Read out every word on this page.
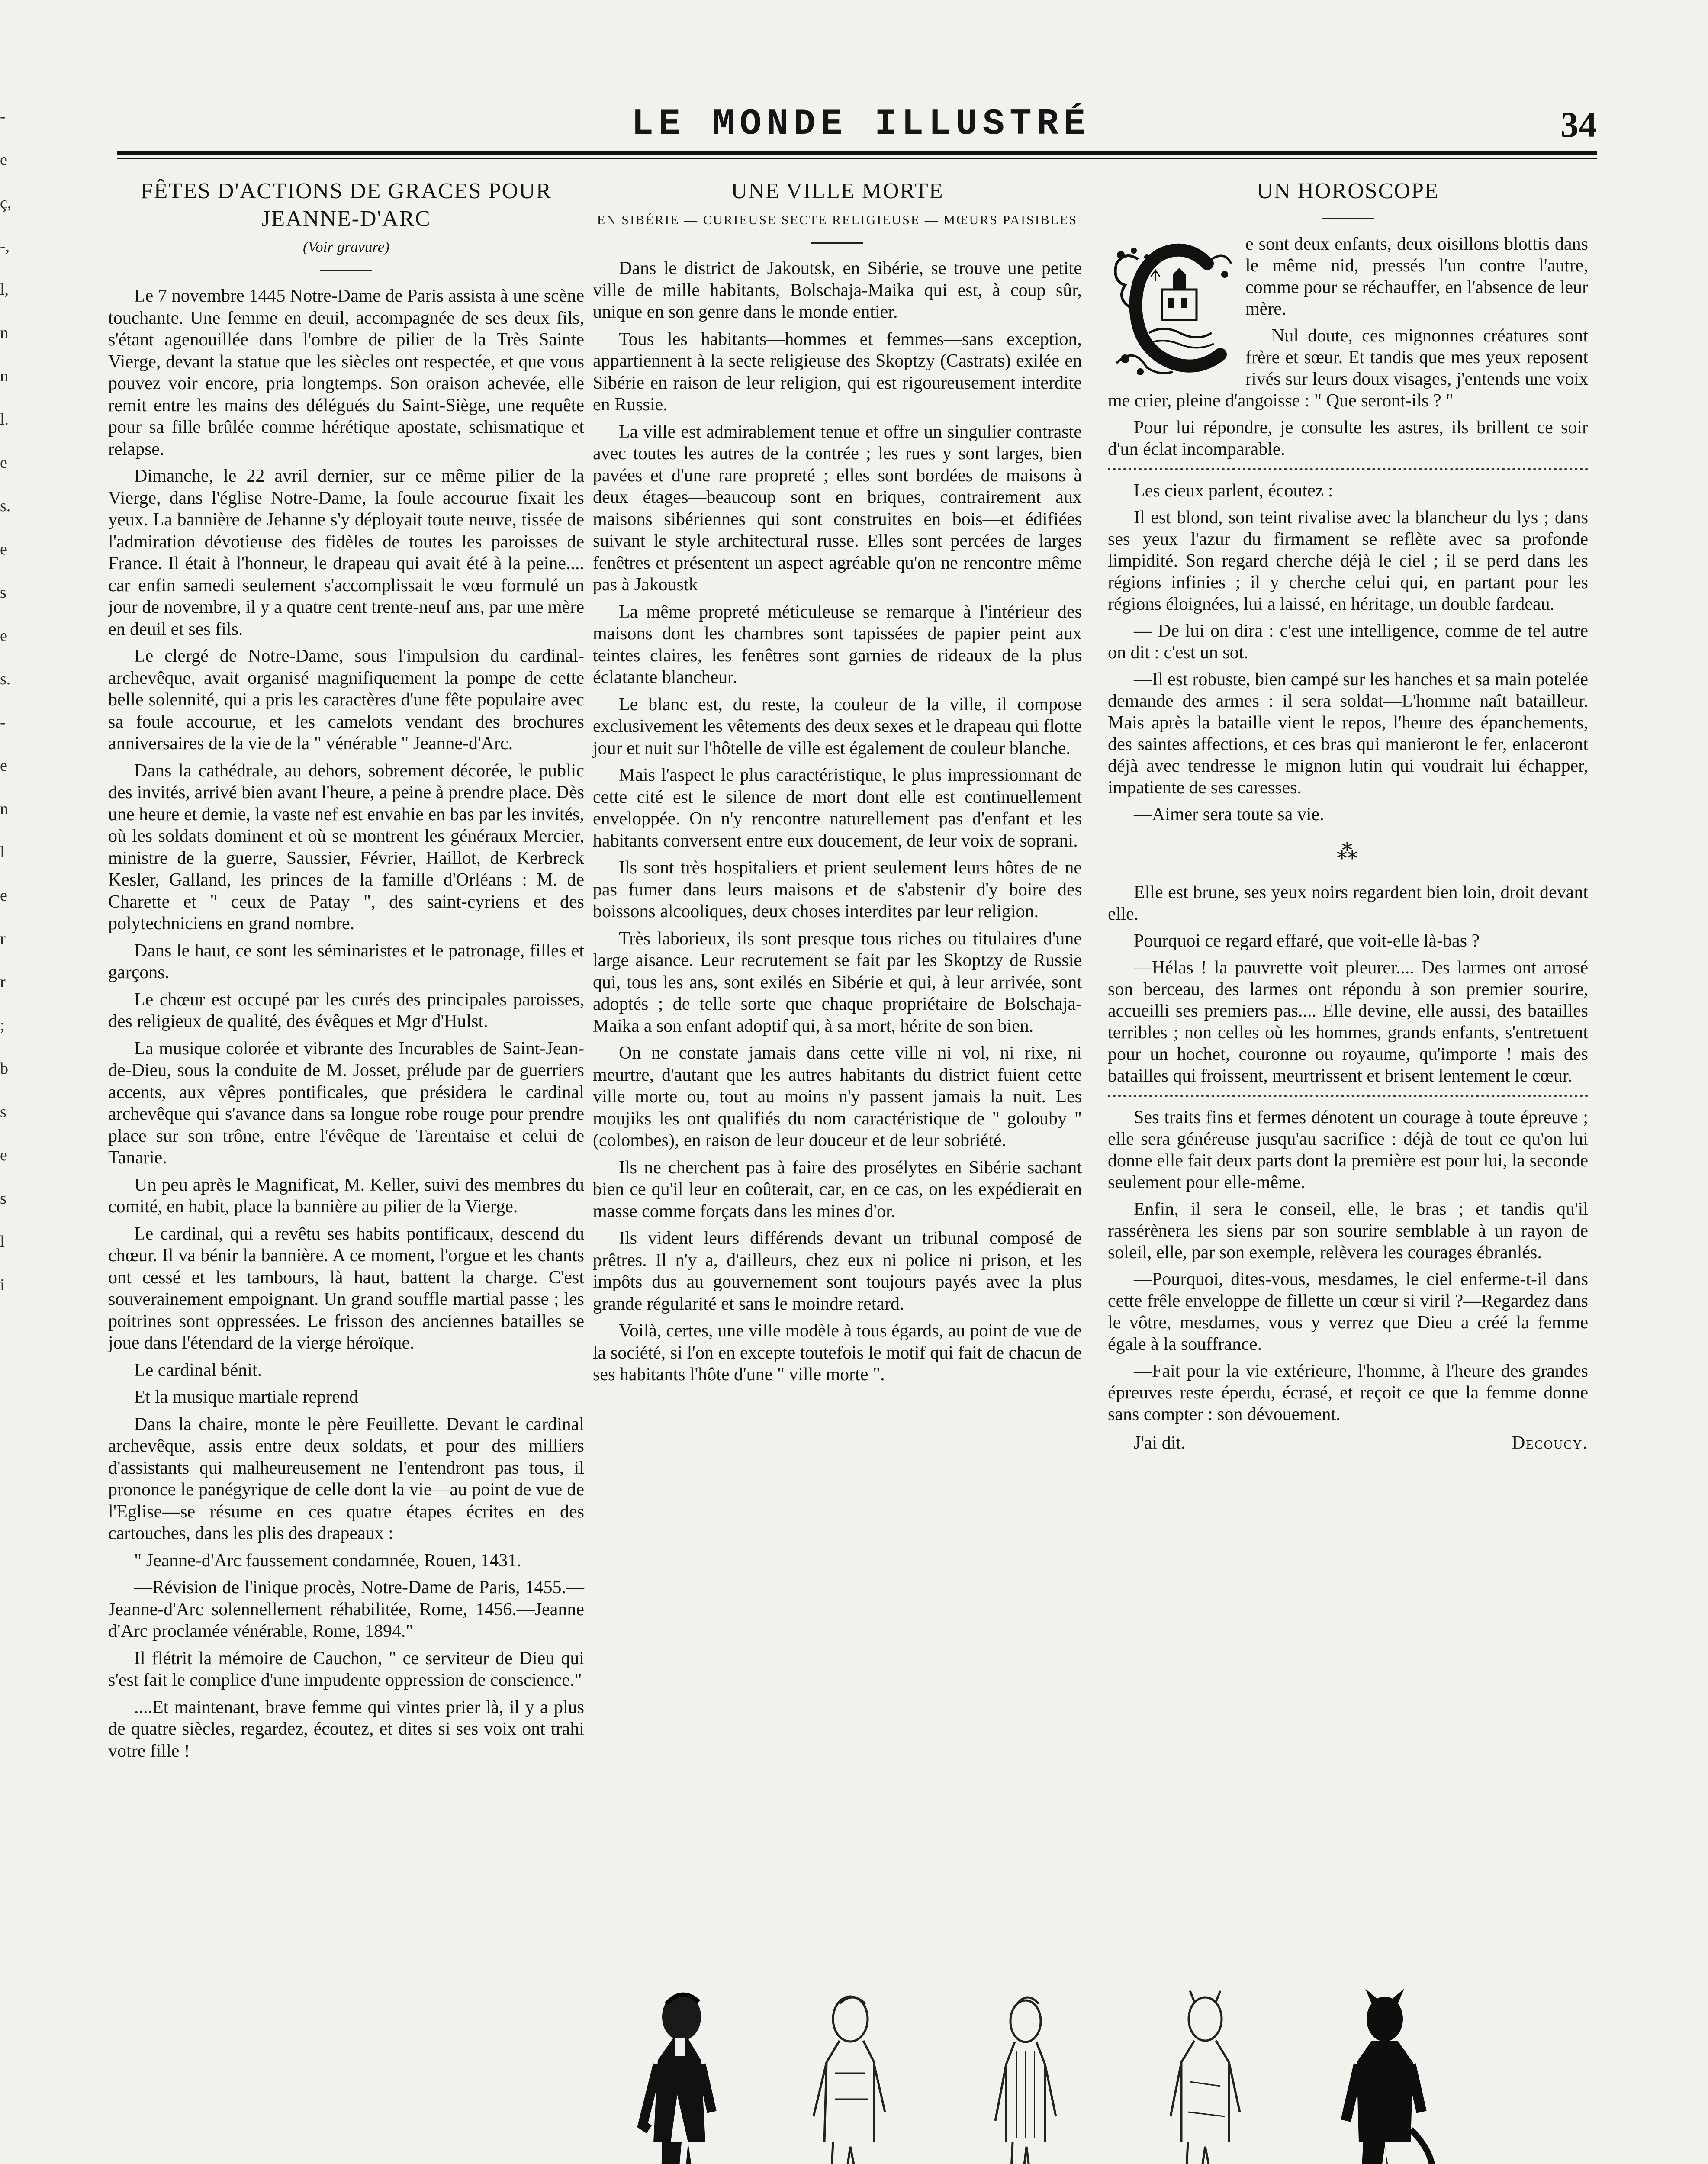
-
e
ç,
-,
l,
n
n
l.
e
s.
e
s
e
s.
-
e
n
l
e
r
r
;
b
s
e
s
l
i
LE MONDE ILLUSTRÉ	34
FÊTES D'ACTIONS DE GRACES POUR JEANNE-D'ARC
(Voir gravure)

Le 7 novembre 1445 Notre-Dame de Paris assista à une scène touchante. Une femme en deuil, accompagnée de ses deux fils, s'étant agenouillée dans l'ombre de pilier de la Très Sainte Vierge, devant la statue que les siècles ont respectée, et que vous pouvez voir encore, pria longtemps. Son oraison achevée, elle remit entre les mains des délégués du Saint-Siège, une requête pour sa fille brûlée comme hérétique apostate, schismatique et relapse.

Dimanche, le 22 avril dernier, sur ce même pilier de la Vierge, dans l'église Notre-Dame, la foule accourue fixait les yeux. La bannière de Jehanne s'y déployait toute neuve, tissée de l'admiration dévotieuse des fidèles de toutes les paroisses de France. Il était à l'honneur, le drapeau qui avait été à la peine.... car enfin samedi seulement s'accomplissait le vœu formulé un jour de novembre, il y a quatre cent trente-neuf ans, par une mère en deuil et ses fils.

Le clergé de Notre-Dame, sous l'impulsion du cardinal-archevêque, avait organisé magnifiquement la pompe de cette belle solennité, qui a pris les caractères d'une fête populaire avec sa foule accourue, et les camelots vendant des brochures anniversaires de la vie de la " vénérable " Jeanne-d'Arc.

Dans la cathédrale, au dehors, sobrement décorée, le public des invités, arrivé bien avant l'heure, a peine à prendre place. Dès une heure et demie, la vaste nef est envahie en bas par les invités, où les soldats dominent et où se montrent les généraux Mercier, ministre de la guerre, Saussier, Février, Haillot, de Kerbreck Kesler, Galland, les princes de la famille d'Orléans : M. de Charette et " ceux de Patay ", des saint-cyriens et des polytechniciens en grand nombre.

Dans le haut, ce sont les séminaristes et le patronage, filles et garçons.

Le chœur est occupé par les curés des principales paroisses, des religieux de qualité, des évêques et Mgr d'Hulst.

La musique colorée et vibrante des Incurables de Saint-Jean-de-Dieu, sous la conduite de M. Josset, prélude par de guerriers accents, aux vêpres pontificales, que présidera le cardinal archevêque qui s'avance dans sa longue robe rouge pour prendre place sur son trône, entre l'évêque de Tarentaise et celui de Tanarie.

Un peu après le Magnificat, M. Keller, suivi des membres du comité, en habit, place la bannière au pilier de la Vierge.

Le cardinal, qui a revêtu ses habits pontificaux, descend du chœur. Il va bénir la bannière. A ce moment, l'orgue et les chants ont cessé et les tambours, là haut, battent la charge. C'est souverainement empoignant. Un grand souffle martial passe ; les poitrines sont oppressées. Le frisson des anciennes batailles se joue dans l'étendard de la vierge héroïque.

Le cardinal bénit.

Et la musique martiale reprend

Dans la chaire, monte le père Feuillette. Devant le cardinal archevêque, assis entre deux soldats, et pour des milliers d'assistants qui malheureusement ne l'entendront pas tous, il prononce le panégyrique de celle dont la vie—au point de vue de l'Eglise—se résume en ces quatre étapes écrites en des cartouches, dans les plis des drapeaux :

" Jeanne-d'Arc faussement condamnée, Rouen, 1431.

—Révision de l'inique procès, Notre-Dame de Paris, 1455.—Jeanne-d'Arc solennellement réhabilitée, Rome, 1456.—Jeanne d'Arc proclamée vénérable, Rome, 1894."

Il flétrit la mémoire de Cauchon, " ce serviteur de Dieu qui s'est fait le complice d'une impudente oppression de conscience."

....Et maintenant, brave femme qui vintes prier là, il y a plus de quatre siècles, regardez, écoutez, et dites si ses voix ont trahi votre fille !

UNE VILLE MORTE
EN SIBÉRIE — CURIEUSE SECTE RELIGIEUSE — MŒURS PAISIBLES

Dans le district de Jakoutsk, en Sibérie, se trouve une petite ville de mille habitants, Bolschaja-Maika qui est, à coup sûr, unique en son genre dans le monde entier.

Tous les habitants—hommes et femmes—sans exception, appartiennent à la secte religieuse des Skoptzy (Castrats) exilée en Sibérie en raison de leur religion, qui est rigoureusement interdite en Russie.

La ville est admirablement tenue et offre un singulier contraste avec toutes les autres de la contrée ; les rues y sont larges, bien pavées et d'une rare propreté ; elles sont bordées de maisons à deux étages—beaucoup sont en briques, contrairement aux maisons sibériennes qui sont construites en bois—et édifiées suivant le style architectural russe. Elles sont percées de larges fenêtres et présentent un aspect agréable qu'on ne rencontre même pas à Jakoustk

La même propreté méticuleuse se remarque à l'intérieur des maisons dont les chambres sont tapissées de papier peint aux teintes claires, les fenêtres sont garnies de rideaux de la plus éclatante blancheur.

Le blanc est, du reste, la couleur de la ville, il compose exclusivement les vêtements des deux sexes et le drapeau qui flotte jour et nuit sur l'hôtelle de ville est également de couleur blanche.

Mais l'aspect le plus caractéristique, le plus impressionnant de cette cité est le silence de mort dont elle est continuellement enveloppée. On n'y rencontre naturellement pas d'enfant et les habitants conversent entre eux doucement, de leur voix de soprani.

Ils sont très hospitaliers et prient seulement leurs hôtes de ne pas fumer dans leurs maisons et de s'abstenir d'y boire des boissons alcooliques, deux choses interdites par leur religion.

Très laborieux, ils sont presque tous riches ou titulaires d'une large aisance. Leur recrutement se fait par les Skoptzy de Russie qui, tous les ans, sont exilés en Sibérie et qui, à leur arrivée, sont adoptés ; de telle sorte que chaque propriétaire de Bolschaja-Maika a son enfant adoptif qui, à sa mort, hérite de son bien.

On ne constate jamais dans cette ville ni vol, ni rixe, ni meurtre, d'autant que les autres habitants du district fuient cette ville morte ou, tout au moins n'y passent jamais la nuit. Les moujiks les ont qualifiés du nom caractéristique de " golouby " (colombes), en raison de leur douceur et de leur sobriété.

Ils ne cherchent pas à faire des prosélytes en Sibérie sachant bien ce qu'il leur en coûterait, car, en ce cas, on les expédierait en masse comme forçats dans les mines d'or.

Ils vident leurs différends devant un tribunal composé de prêtres. Il n'y a, d'ailleurs, chez eux ni police ni prison, et les impôts dus au gouvernement sont toujours payés avec la plus grande régularité et sans le moindre retard.

Voilà, certes, une ville modèle à tous égards, au point de vue de la société, si l'on en excepte toutefois le motif qui fait de chacun de ses habitants l'hôte d'une " ville morte ".

UN HOROSCOPE

e sont deux enfants, deux oisillons blottis dans le même nid, pressés l'un contre l'autre, comme pour se réchauffer, en l'absence de leur mère.

Nul doute, ces mignonnes créatures sont frère et sœur. Et tandis que mes yeux reposent rivés sur leurs doux visages, j'entends une voix me crier, pleine d'angoisse : " Que seront-ils ? "

Pour lui répondre, je consulte les astres, ils brillent ce soir d'un éclat incomparable.

Les cieux parlent, écoutez :

Il est blond, son teint rivalise avec la blancheur du lys ; dans ses yeux l'azur du firmament se reflète avec sa profonde limpidité. Son regard cherche déjà le ciel ; il se perd dans les régions infinies ; il y cherche celui qui, en partant pour les régions éloignées, lui a laissé, en héritage, un double fardeau.

— De lui on dira : c'est une intelligence, comme de tel autre on dit : c'est un sot.

—Il est robuste, bien campé sur les hanches et sa main potelée demande des armes : il sera soldat—L'homme naît batailleur. Mais après la bataille vient le repos, l'heure des épanchements, des saintes affections, et ces bras qui manieront le fer, enlaceront déjà avec tendresse le mignon lutin qui voudrait lui échapper, impatiente de ses caresses.

—Aimer sera toute sa vie.

⁂

Elle est brune, ses yeux noirs regardent bien loin, droit devant elle.

Pourquoi ce regard effaré, que voit-elle là-bas ?

—Hélas ! la pauvrette voit pleurer.... Des larmes ont arrosé son berceau, des larmes ont répondu à son premier sourire, accueilli ses premiers pas.... Elle devine, elle aussi, des batailles terribles ; non celles où les hommes, grands enfants, s'entretuent pour un hochet, couronne ou royaume, qu'importe ! mais des batailles qui froissent, meurtrissent et brisent lentement le cœur.

Ses traits fins et fermes dénotent un courage à toute épreuve ; elle sera généreuse jusqu'au sacrifice : déjà de tout ce qu'on lui donne elle fait deux parts dont la première est pour lui, la seconde seulement pour elle-même.

Enfin, il sera le conseil, elle, le bras ; et tandis qu'il rassérènera les siens par son sourire semblable à un rayon de soleil, elle, par son exemple, relèvera les courages ébranlés.

—Pourquoi, dites-vous, mesdames, le ciel enferme-t-il dans cette frêle enveloppe de fillette un cœur si viril ?—Regardez dans le vôtre, mesdames, vous y verrez que Dieu a créé la femme égale à la souffrance.

—Fait pour la vie extérieure, l'homme, à l'heure des grandes épreuves reste éperdu, écrasé, et reçoit ce que la femme donne sans compter : son dévouement.

J'ai dit.	Decoucy.
